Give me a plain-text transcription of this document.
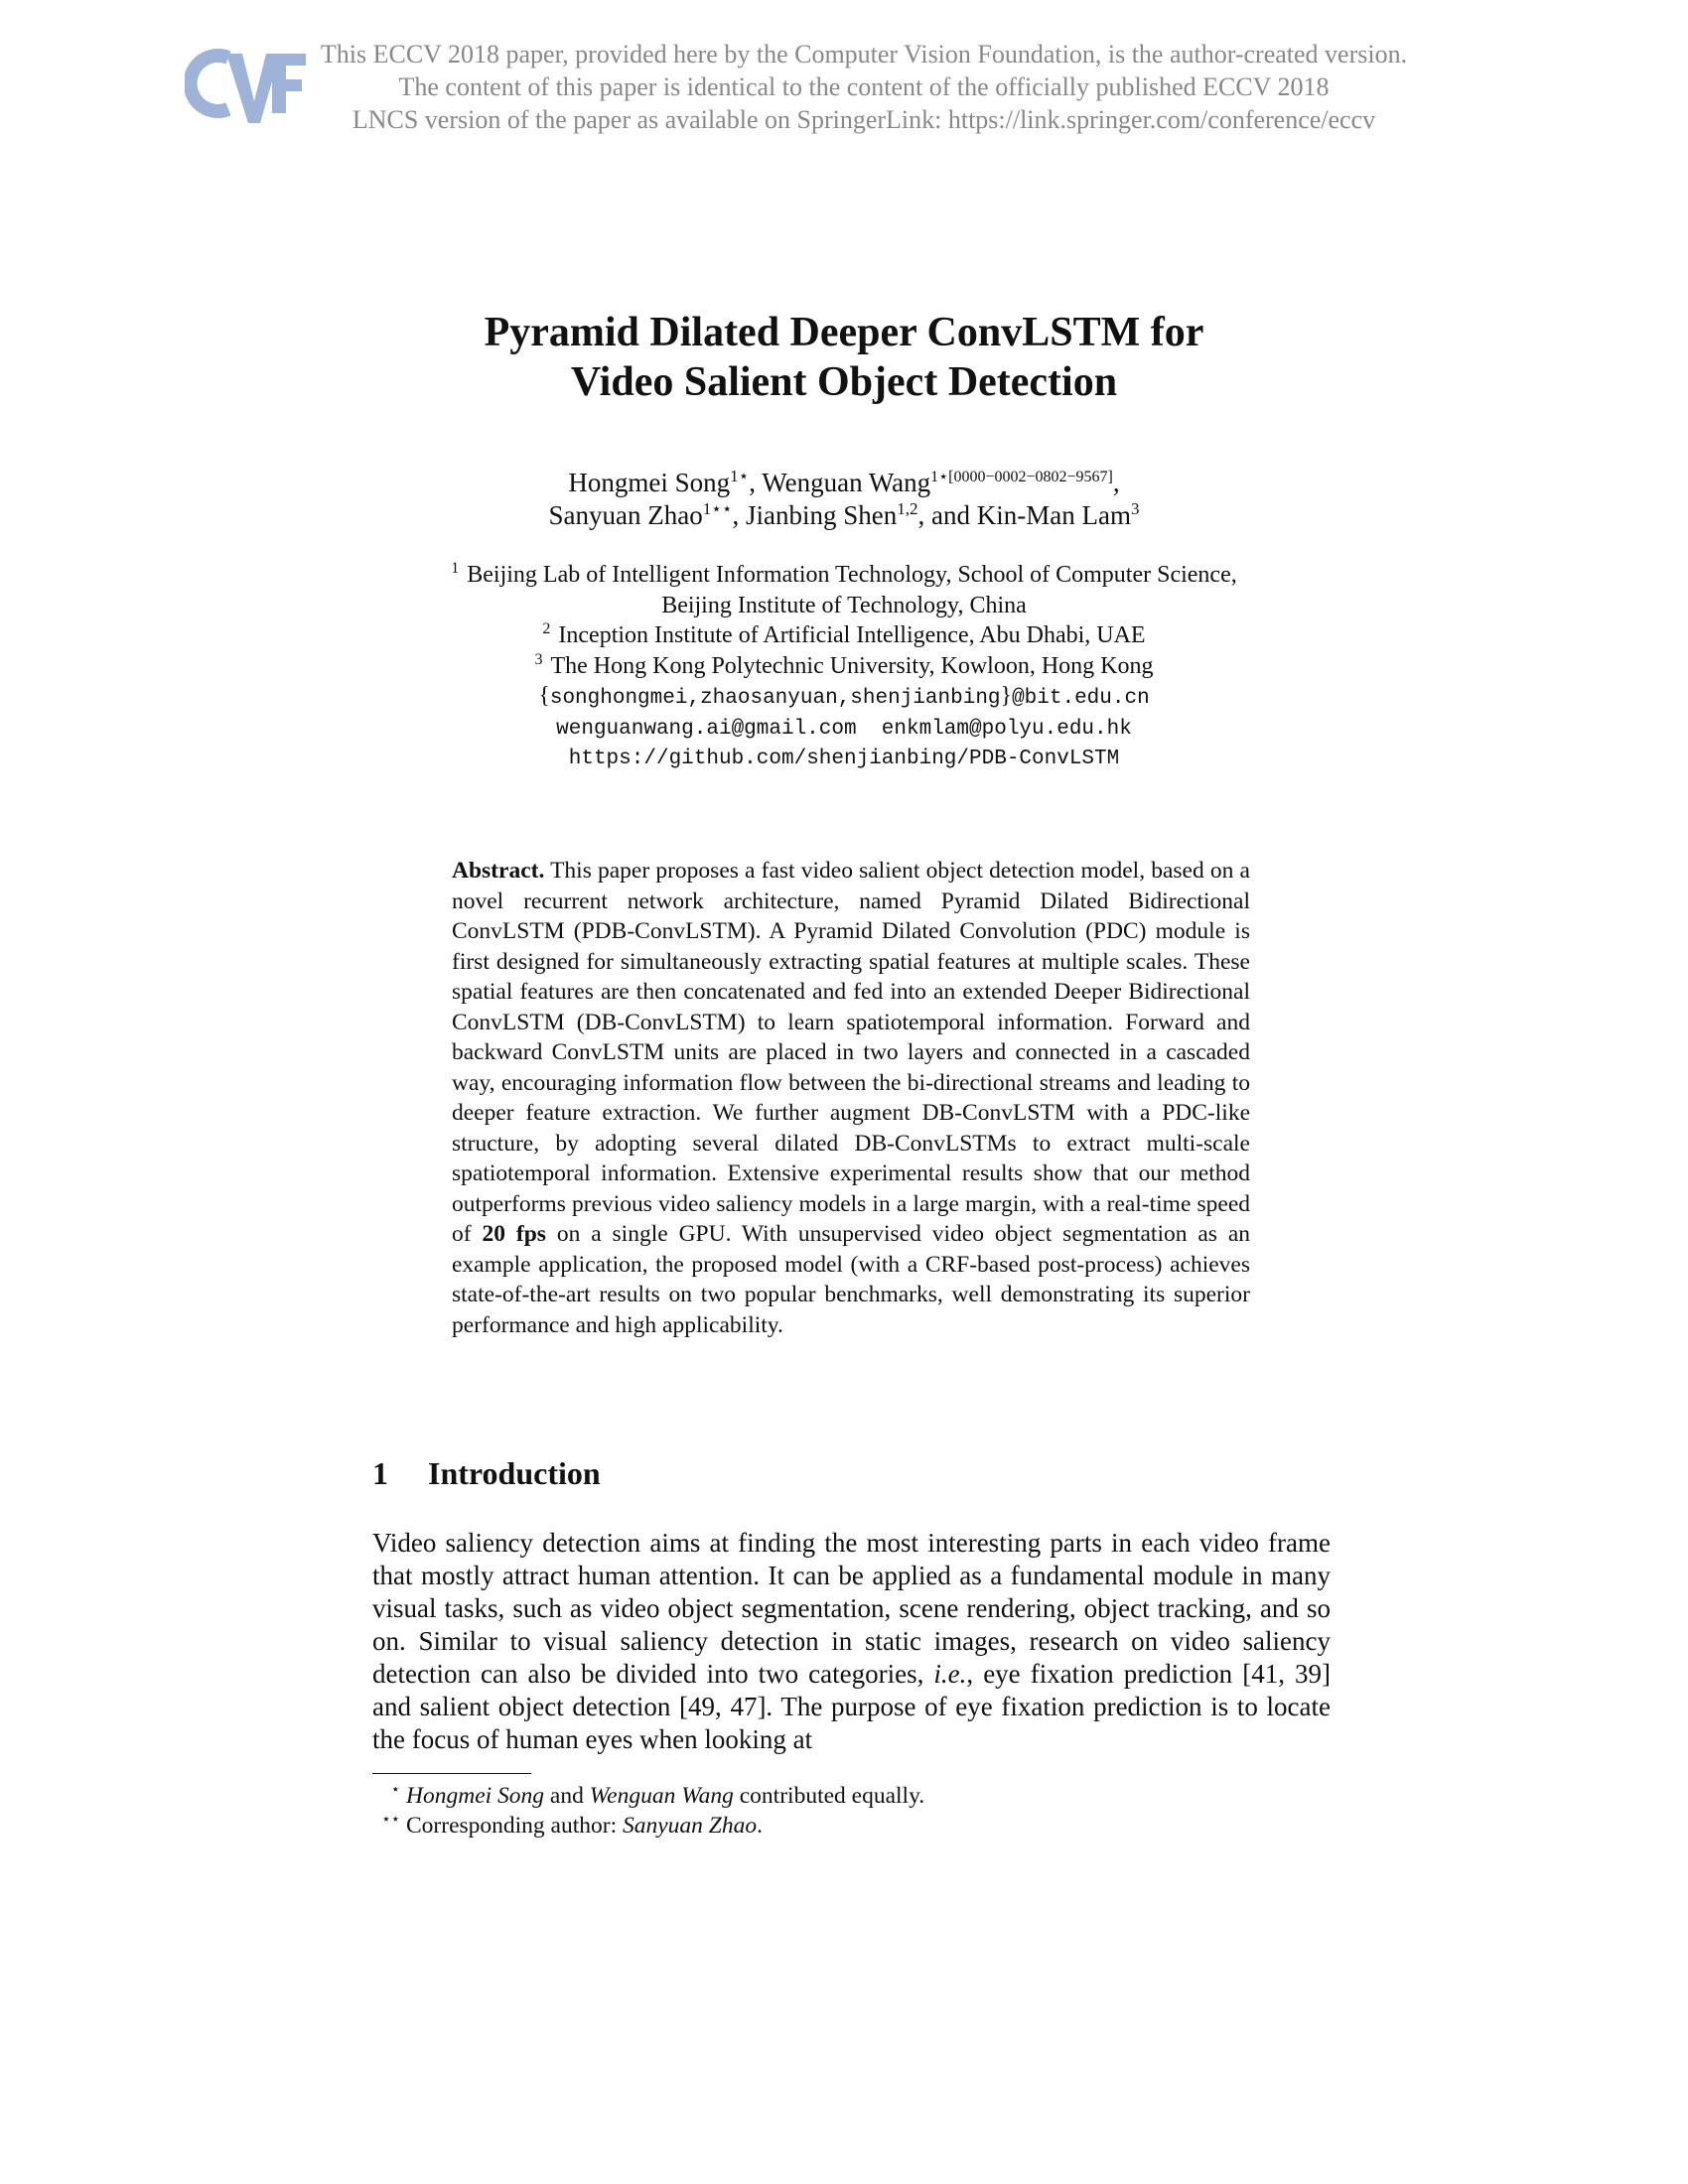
CVF	This ECCV 2018 paper, provided here by the Computer Vision Foundation, is the author-created version.
The content of this paper is identical to the content of the officially published ECCV 2018
LNCS version of the paper as available on SpringerLink: https://link.springer.com/conference/eccv
Pyramid Dilated Deeper ConvLSTM for
Video Salient Object Detection
Hongmei Song$^{1⋆}$, Wenguan Wang$^{1⋆[0000-0002-0802-9567]}$,
Sanyuan Zhao$^{1⋆⋆}$, Jianbing Shen$^{1,2}$, and Kin-Man Lam$^3$
$^1$ Beijing Lab of Intelligent Information Technology, School of Computer Science,
Beijing Institute of Technology, China
$^2$ Inception Institute of Artificial Intelligence, Abu Dhabi, UAE
$^3$ The Hong Kong Polytechnic University, Kowloon, Hong Kong
{songhongmei,zhaosanyuan,shenjianbing}@bit.edu.cn
wenguanwang.ai@gmail.com  enkmlam@polyu.edu.hk
https://github.com/shenjianbing/PDB-ConvLSTM
Abstract. This paper proposes a fast video salient object detection model, based on a novel recurrent network architecture, named Pyramid Dilated Bidirectional ConvLSTM (PDB-ConvLSTM). A Pyramid Dilated Convolution (PDC) module is first designed for simultaneously extracting spatial features at multiple scales. These spatial features are then concatenated and fed into an extended Deeper Bidirectional ConvLSTM (DB-ConvLSTM) to learn spatiotemporal information. Forward and backward ConvLSTM units are placed in two layers and connected in a cascaded way, encouraging information flow between the bi-directional streams and leading to deeper feature extraction. We further augment DB-ConvLSTM with a PDC-like structure, by adopting several dilated DB-ConvLSTMs to extract multi-scale spatiotemporal information. Extensive experimental results show that our method outperforms previous video saliency models in a large margin, with a real-time speed of 20 fps on a single GPU. With unsupervised video object segmentation as an example application, the proposed model (with a CRF-based post-process) achieves state-of-the-art results on two popular benchmarks, well demonstrating its superior performance and high applicability.
1 Introduction
Video saliency detection aims at finding the most interesting parts in each video frame that mostly attract human attention. It can be applied as a fundamental module in many visual tasks, such as video object segmentation, scene rendering, object tracking, and so on. Similar to visual saliency detection in static images, research on video saliency detection can also be divided into two categories, i.e., eye fixation prediction [41, 39] and salient object detection [49, 47]. The purpose of eye fixation prediction is to locate the focus of human eyes when looking at
⋆ Hongmei Song and Wenguan Wang contributed equally.
⋆⋆ Corresponding author: Sanyuan Zhao.
